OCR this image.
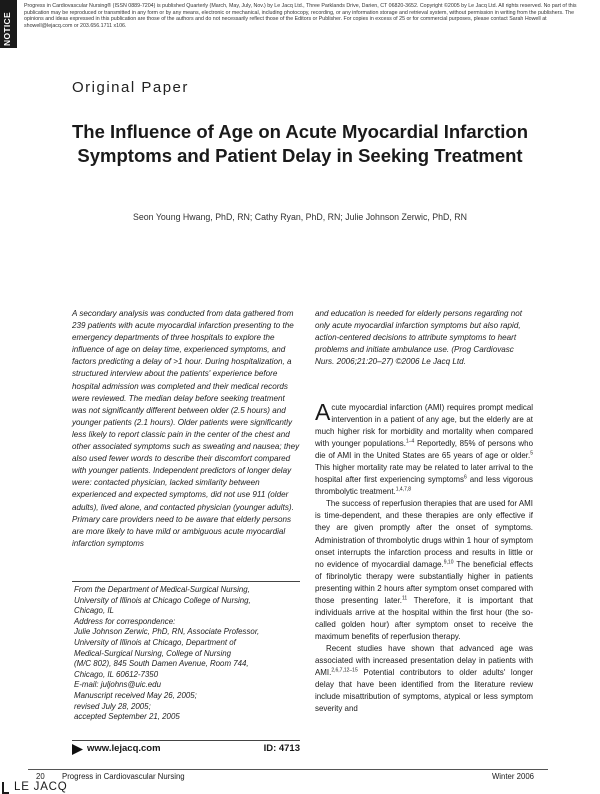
NOTICE
Progress in Cardiovascular Nursing® (ISSN 0889-7204) is published Quarterly (March, May, July, Nov.) by Le Jacq Ltd., Three Parklands Drive, Darien, CT 06820-3652. Copyright ©2005 by Le Jacq Ltd. All rights reserved. No part of this publication may be reproduced or transmitted in any form or by any means, electronic or mechanical, including photocopy, recording, or any information storage and retrieval system, without permission in writing from the publishers. The opinions and ideas expressed in this publication are those of the authors and do not necessarily reflect those of the Editors or Publisher. For copies in excess of 25 or for commercial purposes, please contact Sarah Howell at showell@lejacq.com or 203.656.1711 x106.
Original Paper
The Influence of Age on Acute Myocardial Infarction Symptoms and Patient Delay in Seeking Treatment
Seon Young Hwang, PhD, RN; Cathy Ryan, PhD, RN; Julie Johnson Zerwic, PhD, RN
A secondary analysis was conducted from data gathered from 239 patients with acute myocardial infarction presenting to the emergency departments of three hospitals to explore the influence of age on delay time, experienced symptoms, and factors predicting a delay of >1 hour. During hospitalization, a structured interview about the patients' experience before hospital admission was completed and their medical records were reviewed. The median delay before seeking treatment was not significantly different between older (2.5 hours) and younger patients (2.1 hours). Older patients were significantly less likely to report classic pain in the center of the chest and other associated symptoms such as sweating and nausea; they also used fewer words to describe their discomfort compared with younger patients. Independent predictors of longer delay were: contacted physician, lacked similarity between experienced and expected symptoms, did not use 911 (older adults), lived alone, and contacted physician (younger adults). Primary care providers need to be aware that elderly persons are more likely to have mild or ambiguous acute myocardial infarction symptoms
and education is needed for elderly persons regarding not only acute myocardial infarction symptoms but also rapid, action-centered decisions to attribute symptoms to heart problems and initiate ambulance use. (Prog Cardiovasc Nurs. 2006;21:20–27) ©2006 Le Jacq Ltd.

Acute myocardial infarction (AMI) requires prompt medical intervention in a patient of any age, but the elderly are at much higher risk for morbidity and mortality when compared with younger populations.$^{1-4}$ Reportedly, 85% of persons who die of AMI in the United States are 65 years of age or older.$^5$ This higher mortality rate may be related to later arrival to the hospital after first experiencing symptoms$^6$ and less vigorous thrombolytic treatment.$^{1,4,7,8}$

The success of reperfusion therapies that are used for AMI is time-dependent, and these therapies are only effective if they are given promptly after the onset of symptoms. Administration of thrombolytic drugs within 1 hour of symptom onset interrupts the infarction process and results in little or no evidence of myocardial damage.$^{9,10}$ The beneficial effects of fibrinolytic therapy were substantially higher in patients presenting within 2 hours after symptom onset compared with those presenting later.$^{11}$ Therefore, it is important that individuals arrive at the hospital within the first hour (the so-called golden hour) after symptom onset to receive the maximum benefits of reperfusion therapy.

Recent studies have shown that advanced age was associated with increased presentation delay in patients with AMI.$^{2,6,7,12-15}$ Potential contributors to older adults' longer delay that have been identified from the literature review include misattribution of symptoms, atypical or less symptom severity and

From the Department of Medical-Surgical Nursing,
University of Illinois at Chicago College of Nursing,
Chicago, IL
Address for correspondence:
Julie Johnson Zerwic, PhD, RN, Associate Professor,
University of Illinois at Chicago, Department of
Medical-Surgical Nursing, College of Nursing
(M/C 802), 845 South Damen Avenue, Room 744,
Chicago, IL 60612-7350
E-mail: juljohns@uic.edu
Manuscript received May 26, 2005;
revised July 28, 2005;
accepted September 21, 2005
www.lejacq.com	ID: 4713
20 Progress in Cardiovascular Nursing	Winter 2006
LE JACQ
